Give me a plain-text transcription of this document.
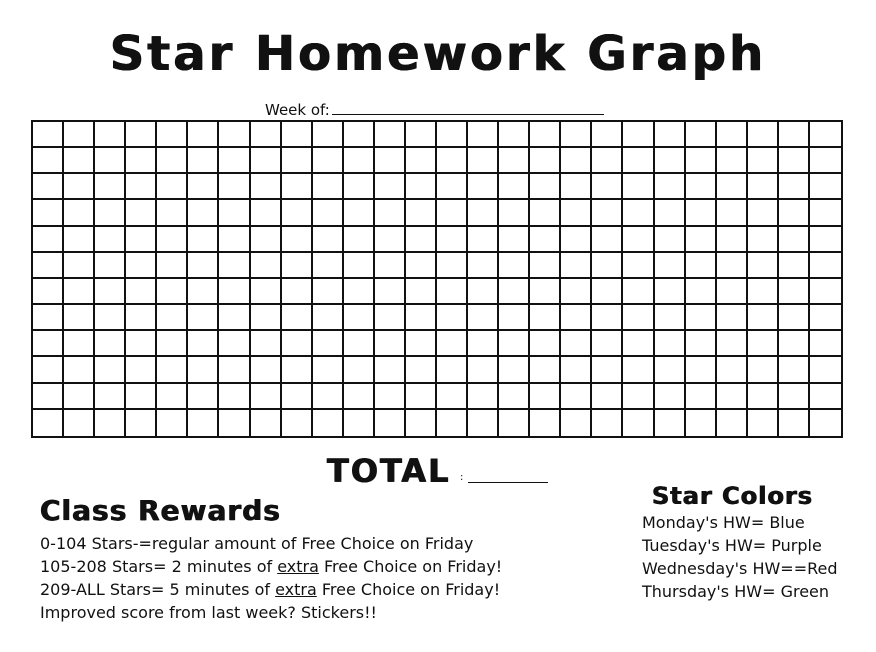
Star Homework Graph
Week of:
TOTAL :
Class Rewards
0-104 Stars-=regular amount of Free Choice on Friday
105-208 Stars= 2 minutes of extra Free Choice on Friday!
209-ALL Stars= 5 minutes of extra Free Choice on Friday!
Improved score from last week? Stickers!!
Star Colors
Monday's HW= Blue
Tuesday's HW= Purple
Wednesday's HW==Red
Thursday's HW= Green
